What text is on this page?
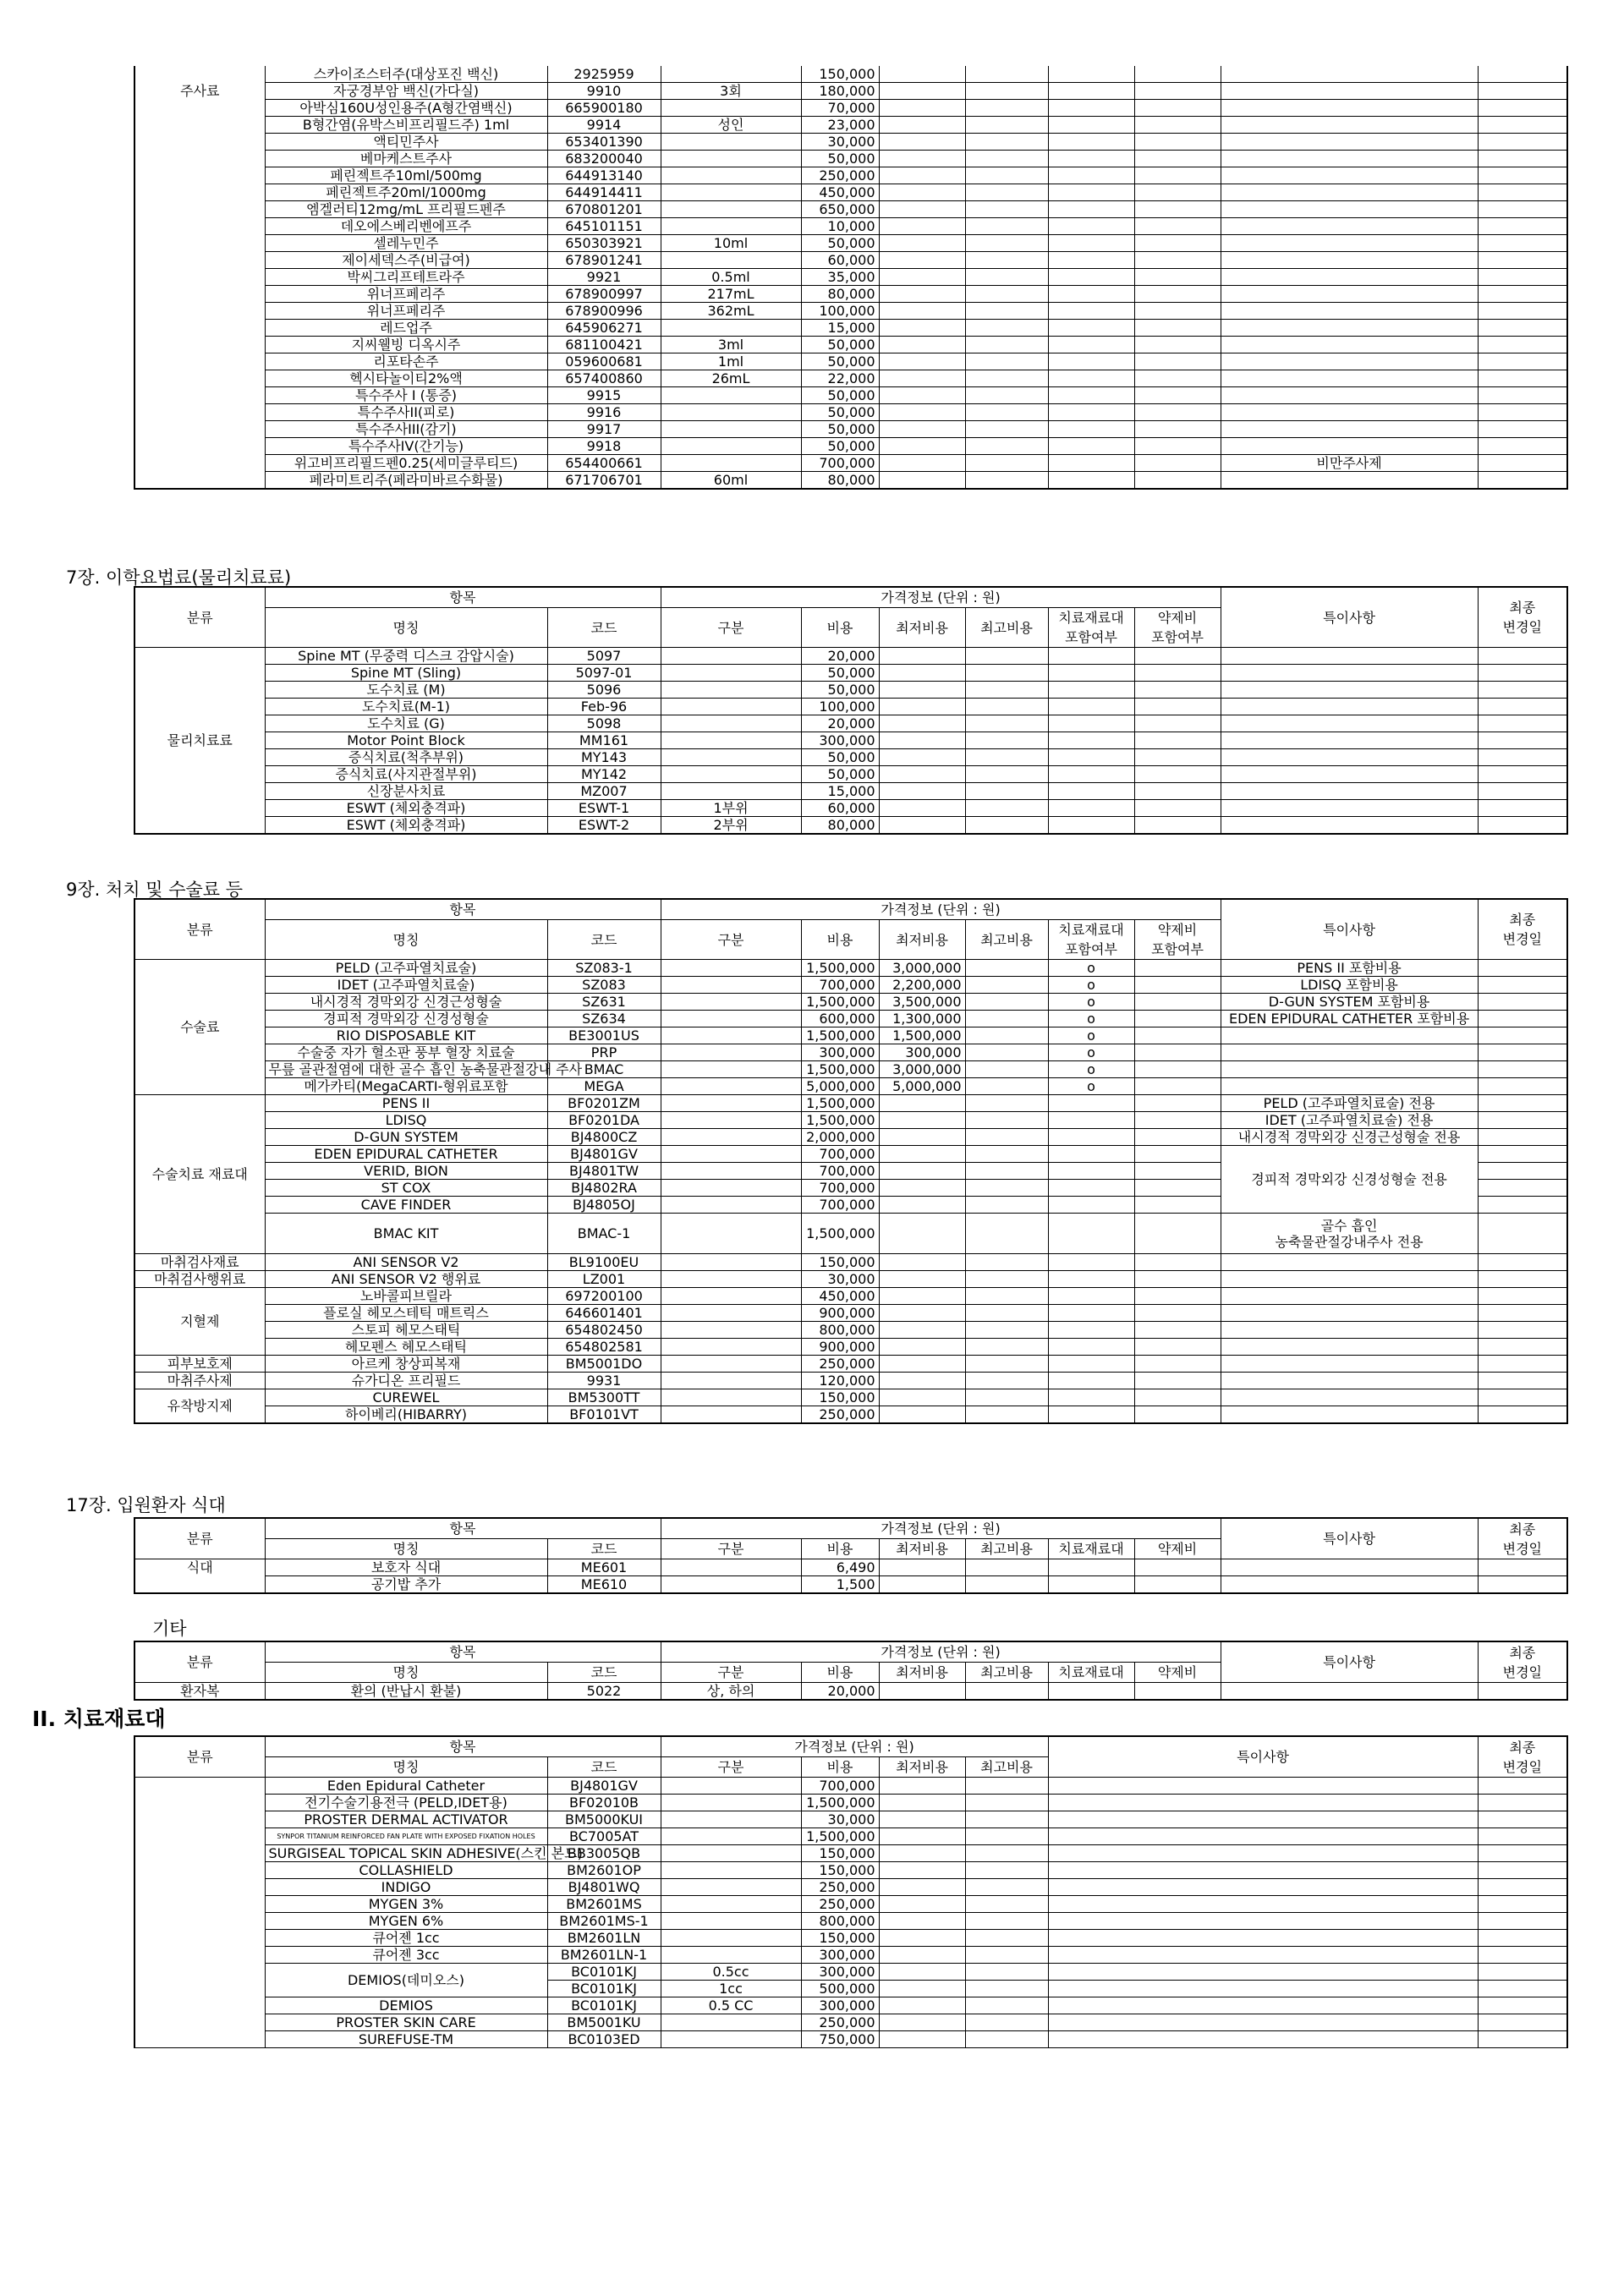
주사료	스카이조스터주(대상포진 백신)	2925959		150,000						
	자궁경부암 백신(가다실)	9910	3회	180,000						
	아박심160U성인용주(A형간염백신)	665900180		70,000						
	B형간염(유박스비프리필드주) 1ml	9914	성인	23,000						
	액티민주사	653401390		30,000						
	베마케스트주사	683200040		50,000						
	페린젝트주10ml/500mg	644913140		250,000						
	페린젝트주20ml/1000mg	644914411		450,000						
	엠겔러티12mg/mL 프리필드펜주	670801201		650,000						
	데오에스베리벤에프주	645101151		10,000						
	셀레누민주	650303921	10ml	50,000						
	제이세덱스주(비급여)	678901241		60,000						
	박씨그리프테트라주	9921	0.5ml	35,000						
	위너프페리주	678900997	217mL	80,000						
	위너프페리주	678900996	362mL	100,000						
	레드업주	645906271		15,000						
	지씨웰빙 디옥시주	681100421	3ml	50,000						
	리포타손주	059600681	1ml	50,000						
	헥시타놀이티2%액	657400860	26mL	22,000						
	특수주사 I (통증)	9915		50,000						
	특수주사II(피로)	9916		50,000						
	특수주사III(감기)	9917		50,000						
	특수주사IV(간기능)	9918		50,000						
	위고비프리필드펜0.25(세미글루티드)	654400661		700,000					비만주사제	
	페라미트리주(페라미바르수화물)	671706701	60ml	80,000						
7장. 이학요법료(물리치료료)
분류	항목		가격정보 (단위 : 원)						특이사항	최종
변경일
	명칭	코드	구분	비용	최저비용	최고비용	치료재료대
포함여부	약제비
포함여부		
물리치료료	Spine MT (무중력 디스크 감압시술)	5097		20,000						
	Spine MT (Sling)	5097-01		50,000						
	도수치료 (M)	5096		50,000						
	도수치료(M-1)	Feb-96		100,000						
	도수치료 (G)	5098		20,000						
	Motor Point Block	MM161		300,000						
	증식치료(척추부위)	MY143		50,000						
	증식치료(사지관절부위)	MY142		50,000						
	신장분사치료	MZ007		15,000						
	ESWT (체외충격파)	ESWT-1	1부위	60,000						
	ESWT (체외충격파)	ESWT-2	2부위	80,000						
9장. 처치 및 수술료 등
분류	항목		가격정보 (단위 : 원)						특이사항	최종
변경일
	명칭	코드	구분	비용	최저비용	최고비용	치료재료대
포함여부	약제비
포함여부		
수술료	PELD (고주파열치료술)	SZ083-1		1,500,000	3,000,000		o		PENS II 포함비용	
	IDET (고주파열치료술)	SZ083		700,000	2,200,000		o		LDISQ 포함비용	
	내시경적 경막외강 신경근성형술	SZ631		1,500,000	3,500,000		o		D-GUN SYSTEM 포함비용	
	경피적 경막외강 신경성형술	SZ634		600,000	1,300,000		o		EDEN EPIDURAL CATHETER 포함비용	
	RIO DISPOSABLE KIT	BE3001US		1,500,000	1,500,000		o			
	수술중 자가 혈소판 풍부 혈장 치료술	PRP		300,000	300,000		o			
	무릎 골관절염에 대한 골수 흡인 농축물관절강내 주사	BMAC		1,500,000	3,000,000		o			
	메가카티(MegaCARTI-형위료포함	MEGA		5,000,000	5,000,000		o			
수술치료 재료대	PENS II	BF0201ZM		1,500,000					PELD (고주파열치료술) 전용	
	LDISQ	BF0201DA		1,500,000					IDET (고주파열치료술) 전용	
	D-GUN SYSTEM	BJ4800CZ		2,000,000					내시경적 경막외강 신경근성형술 전용	
	EDEN EPIDURAL CATHETER	BJ4801GV		700,000					경피적 경막외강 신경성형술 전용	
	VERID, BION	BJ4801TW		700,000						
	ST COX	BJ4802RA		700,000						
	CAVE FINDER	BJ4805OJ		700,000						
	BMAC KIT	BMAC-1		1,500,000					골수 흡인
농축물관절강내주사 전용	
마취검사재료	ANI SENSOR V2	BL9100EU		150,000						
마취검사행위료	ANI SENSOR V2 행위료	LZ001		30,000						
지혈제	노바콜피브릴라	697200100		450,000						
	플로실 헤모스테틱 매트릭스	646601401		900,000						
	스토피 헤모스태틱	654802450		800,000						
	헤모펜스 헤모스태틱	654802581		900,000						
피부보호제	아르케 창상피복재	BM5001DO		250,000						
마취주사제	슈가디온 프리필드	9931		120,000						
유착방지제	CUREWEL	BM5300TT		150,000						
	하이베리(HIBARRY)	BF0101VT		250,000						
17장. 입원환자 식대
분류	항목		가격정보 (단위 : 원)						특이사항	최종
변경일
	명칭	코드	구분	비용	최저비용	최고비용	치료재료대	약제비		
식대	보호자 식대	ME601		6,490						
	공기밥 추가	ME610		1,500						
기타
분류	항목		가격정보 (단위 : 원)						특이사항	최종
변경일
	명칭	코드	구분	비용	최저비용	최고비용	치료재료대	약제비		
환자복	환의 (반납시 환불)	5022	상, 하의	20,000						
II. 치료재료대
분류	항목		가격정보 (단위 : 원)				특이사항	최종
변경일
	명칭	코드	구분	비용	최저비용	최고비용		
	Eden Epidural Catheter	BJ4801GV		700,000				
	전기수술기용전극 (PELD,IDET용)	BF02010B		1,500,000				
	PROSTER DERMAL ACTIVATOR	BM5000KUI		30,000				
	SYNPOR TITANIUM REINFORCED FAN PLATE WITH EXPOSED FIXATION HOLES	BC7005AT		1,500,000				
	SURGISEAL TOPICAL SKIN ADHESIVE(스킨 본드)	BB3005QB		150,000				
	COLLASHIELD	BM2601OP		150,000				
	INDIGO	BJ4801WQ		250,000				
	MYGEN 3%	BM2601MS		250,000				
	MYGEN 6%	BM2601MS-1		800,000				
	큐어젠 1cc	BM2601LN		150,000				
	큐어젠 3cc	BM2601LN-1		300,000				
	DEMIOS(데미오스)	BC0101KJ	0.5cc	300,000				
		BC0101KJ	1cc	500,000				
	DEMIOS	BC0101KJ	0.5 CC	300,000				
	PROSTER SKIN CARE	BM5001KU		250,000				
	SUREFUSE-TM	BC0103ED		750,000				
